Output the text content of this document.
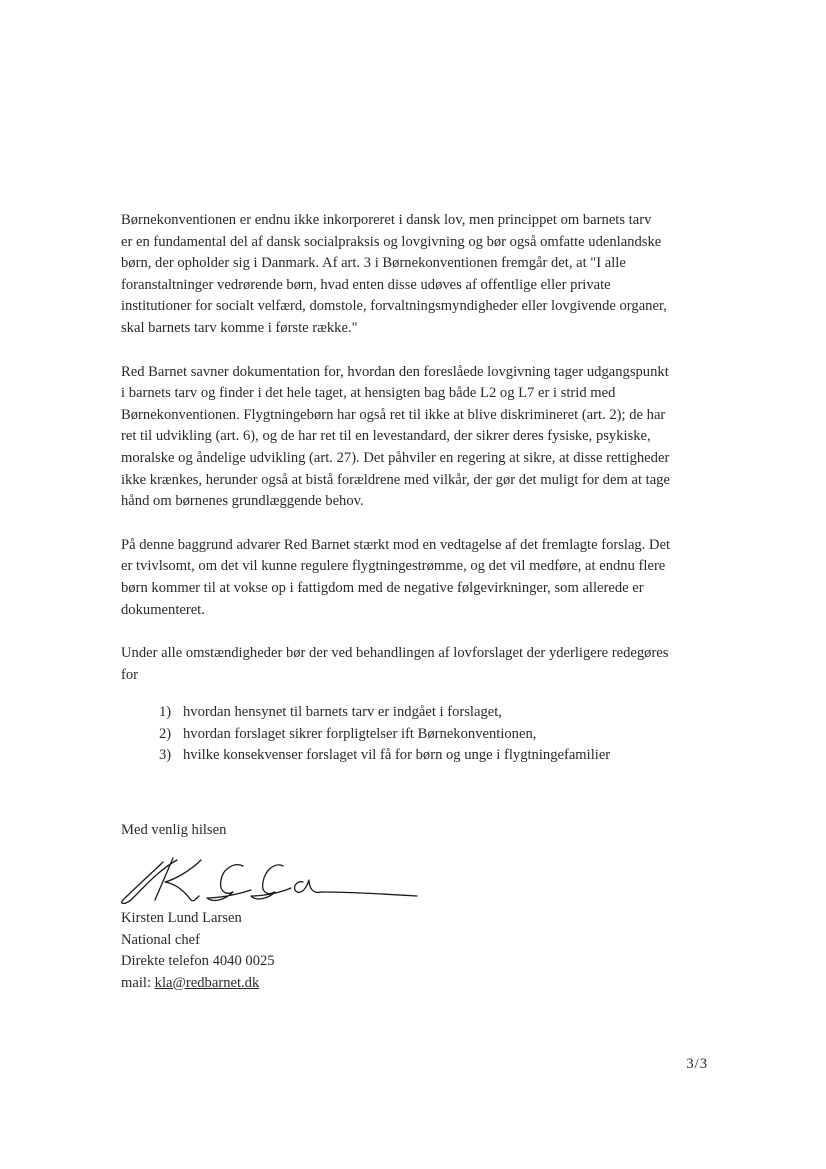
Børnekonventionen er endnu ikke inkorporeret i dansk lov, men princippet om barnets tarv
er en fundamental del af dansk socialpraksis og lovgivning og bør også omfatte udenlandske
børn, der opholder sig i Danmark. Af art. 3 i Børnekonventionen fremgår det, at "I alle
foranstaltninger vedrørende børn, hvad enten disse udøves af offentlige eller private
institutioner for socialt velfærd, domstole, forvaltningsmyndigheder eller lovgivende organer,
skal barnets tarv komme i første række."

Red Barnet savner dokumentation for, hvordan den foreslåede lovgivning tager udgangspunkt
i barnets tarv og finder i det hele taget, at hensigten bag både L2 og L7 er i strid med
Børnekonventionen. Flygtningebørn har også ret til ikke at blive diskrimineret (art. 2); de har
ret til udvikling (art. 6), og de har ret til en levestandard, der sikrer deres fysiske, psykiske,
moralske og åndelige udvikling (art. 27). Det påhviler en regering at sikre, at disse rettigheder
ikke krænkes, herunder også at bistå forældrene med vilkår, der gør det muligt for dem at tage
hånd om børnenes grundlæggende behov.

På denne baggrund advarer Red Barnet stærkt mod en vedtagelse af det fremlagte forslag. Det
er tvivlsomt, om det vil kunne regulere flygtningestrømme, og det vil medføre, at endnu flere
børn kommer til at vokse op i fattigdom med de negative følgevirkninger, som allerede er
dokumenteret.

Under alle omstændigheder bør der ved behandlingen af lovforslaget der yderligere redegøres
for

1) hvordan hensynet til barnets tarv er indgået i forslaget,
2) hvordan forslaget sikrer forpligtelser ift Børnekonventionen,
3) hvilke konsekvenser forslaget vil få for børn og unge i flygtningefamilier
Med venlig hilsen
Kirsten Lund Larsen
National chef
Direkte telefon 4040 0025
mail: kla@redbarnet.dk
3/3
